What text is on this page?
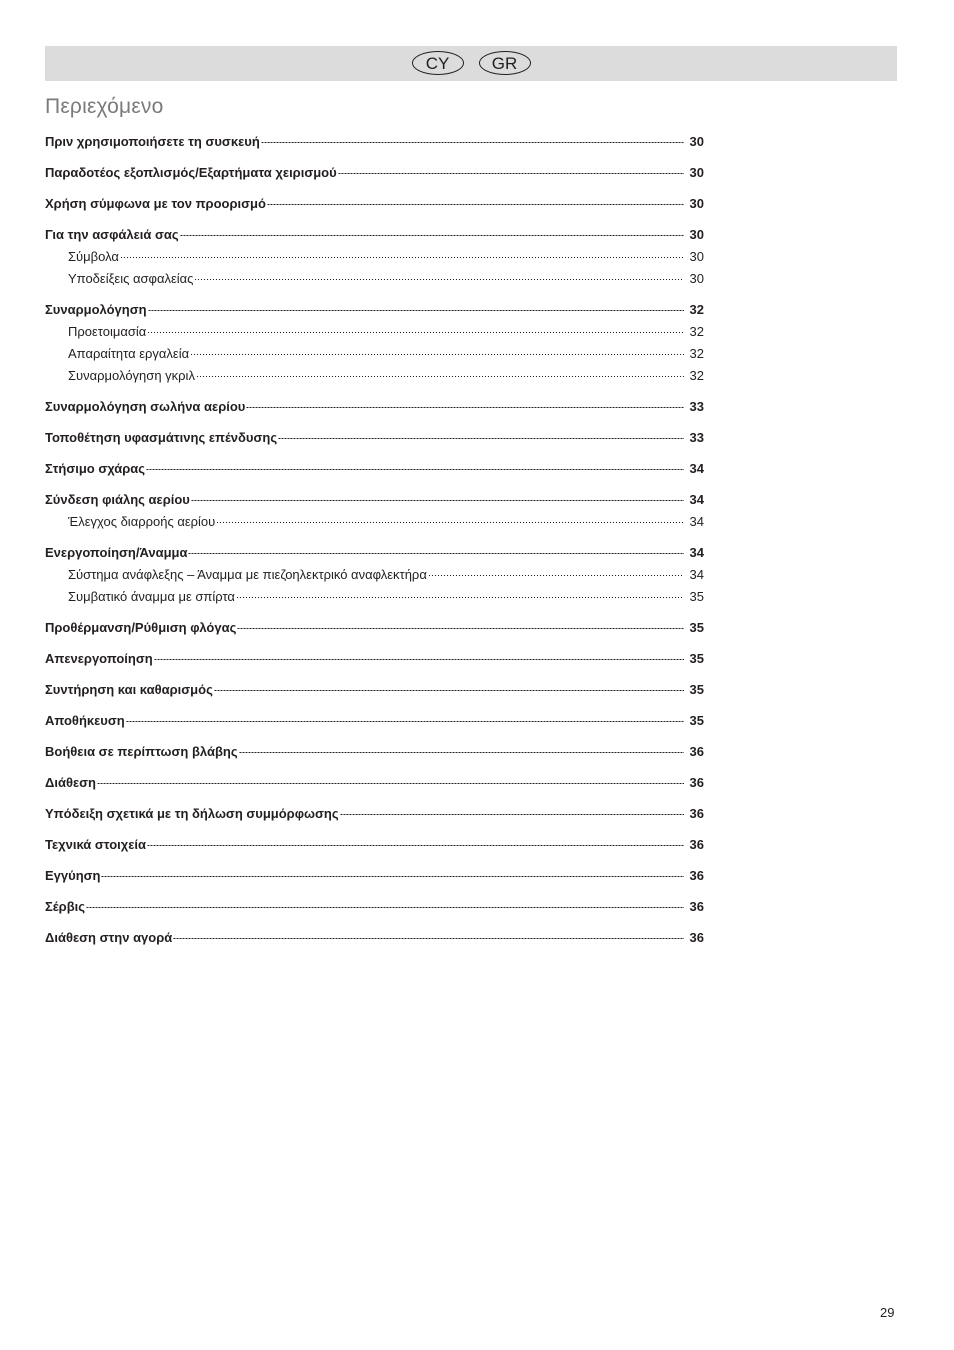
CY	GR
Περιεχόμενο
Πριν χρησιμοποιήσετε τη συσκευή	30
Παραδοτέος εξοπλισμός/Εξαρτήματα χειρισμού	30
Χρήση σύμφωνα με τον προορισμό	30
Για την ασφάλειά σας	30
Σύμβολα	30
Υποδείξεις ασφαλείας	30
Συναρμολόγηση	32
Προετοιμασία	32
Απαραίτητα εργαλεία	32
Συναρμολόγηση γκριλ	32
Συναρμολόγηση σωλήνα αερίου	33
Τοποθέτηση υφασμάτινης επένδυσης	33
Στήσιμο σχάρας	34
Σύνδεση φιάλης αερίου	34
Έλεγχος διαρροής αερίου	34
Ενεργοποίηση/Άναμμα	34
Σύστημα ανάφλεξης – Άναμμα με πιεζοηλεκτρικό αναφλεκτήρα	34
Συμβατικό άναμμα με σπίρτα	35
Προθέρμανση/Ρύθμιση φλόγας	35
Απενεργοποίηση	35
Συντήρηση και καθαρισμός	35
Αποθήκευση	35
Βοήθεια σε περίπτωση βλάβης	36
Διάθεση	36
Υπόδειξη σχετικά με τη δήλωση συμμόρφωσης	36
Τεχνικά στοιχεία	36
Εγγύηση	36
Σέρβις	36
Διάθεση στην αγορά	36
29
